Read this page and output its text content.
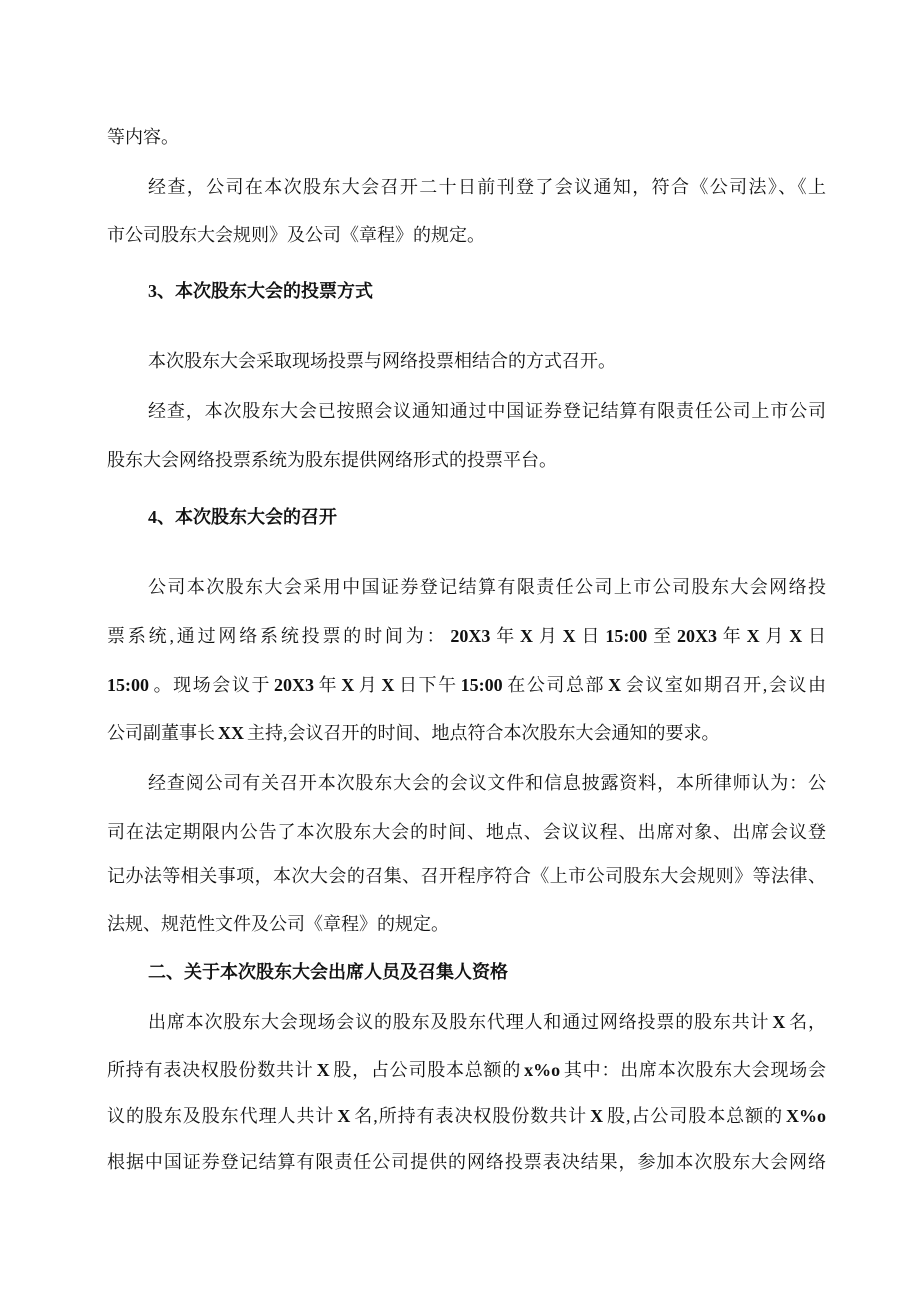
等内容。
经查，公司在本次股东大会召开二十日前刊登了会议通知，符合《公司法》、《上
市公司股东大会规则》及公司《章程》的规定。
3、本次股东大会的投票方式
本次股东大会采取现场投票与网络投票相结合的方式召开。
经查，本次股东大会已按照会议通知通过中国证券登记结算有限责任公司上市公司
股东大会网络投票系统为股东提供网络形式的投票平台。
4、本次股东大会的召开
公司本次股东大会采用中国证券登记结算有限责任公司上市公司股东大会网络投
票系统,通过网络系统投票的时间为： 20X3 年 X 月 X 日 15:00 至 20X3 年 X 月 X 日
15:00 。现场会议于 20X3 年 X 月 X 日下午 15:00 在公司总部 X 会议室如期召开,会议由
公司副董事长 XX 主持,会议召开的时间、地点符合本次股东大会通知的要求。
经查阅公司有关召开本次股东大会的会议文件和信息披露资料，本所律师认为：公
司在法定期限内公告了本次股东大会的时间、地点、会议议程、出席对象、出席会议登
记办法等相关事项，本次大会的召集、召开程序符合《上市公司股东大会规则》等法律、
法规、规范性文件及公司《章程》的规定。
二、关于本次股东大会出席人员及召集人资格
出席本次股东大会现场会议的股东及股东代理人和通过网络投票的股东共计 X 名，
所持有表决权股份数共计 X 股，占公司股本总额的 x%o 其中：出席本次股东大会现场会
议的股东及股东代理人共计 X 名,所持有表决权股份数共计 X 股,占公司股本总额的 X%o
根据中国证券登记结算有限责任公司提供的网络投票表决结果，参加本次股东大会网络
